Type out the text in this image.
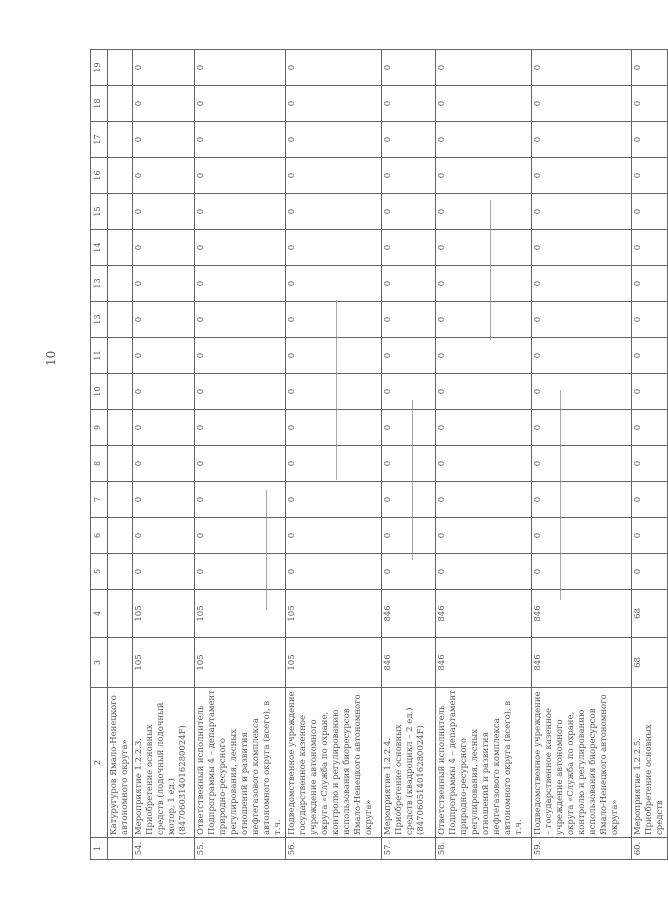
10
1	2	3	4	5	6	7	8	9	10	11	13	13	14	15	16	17	18	19	
	Катуругуров Ямало-Ненецкого автономного округа»																		
54.	Мероприятие 1.2.2.3. Приобретение основных средств (лодочный лодочный мотор, 1 ед.) (847060314016280024F)	105	105	0	0	0	0	0	0	0	0	0	0	0	0	0	0	0	
55.	Ответственный исполнитель Подпрограммы 4 – департамент природно-ресурсного регулирования, лесных отношений и развития нефтегазового комплекса автономного округа (всего), в т.ч.	105	105	0	0	0	0	0	0	0	0	0	0	0	0	0	0	0	
56.	Подведомственное учреждение государственное казенное учреждение автономного округа «Служба по охране, контролю и регулированию использования биоресурсов Ямало-Ненецкого автономного округа»	105	105	0	0	0	0	0	0	0	0	0	0	0	0	0	0	0	
57.	Мероприятие 1.2.2.4. Приобретение основных средств (квадроцикл – 2 ед.) (847060514016280024F)	846	846	0	0	0	0	0	0	0	0	0	0	0	0	0	0	0	
58.	Ответственный исполнитель Подпрограммы 4 – департамент природно-ресурсного регулирования, лесных отношений и развития нефтегазового комплекса автономного округа (всего), в т.ч.	846	846	0	0	0	0	0	0	0	0	0	0	0	0	0	0	0	
59.	Подведомственное учреждение – государственное казенное учреждение автономного округа «Служба по охране, контролю и регулированию использования биоресурсов Ямало-Ненецкого автономного округа»	846	846	0	0	0	0	0	0	0	0	0	0	0	0	0	0	0	
60.	Мероприятие 1.2.2.5. Приобретение основных средств	68	68	0	0	0	0	0	0	0	0	0	0	0	0	0	0	0	
